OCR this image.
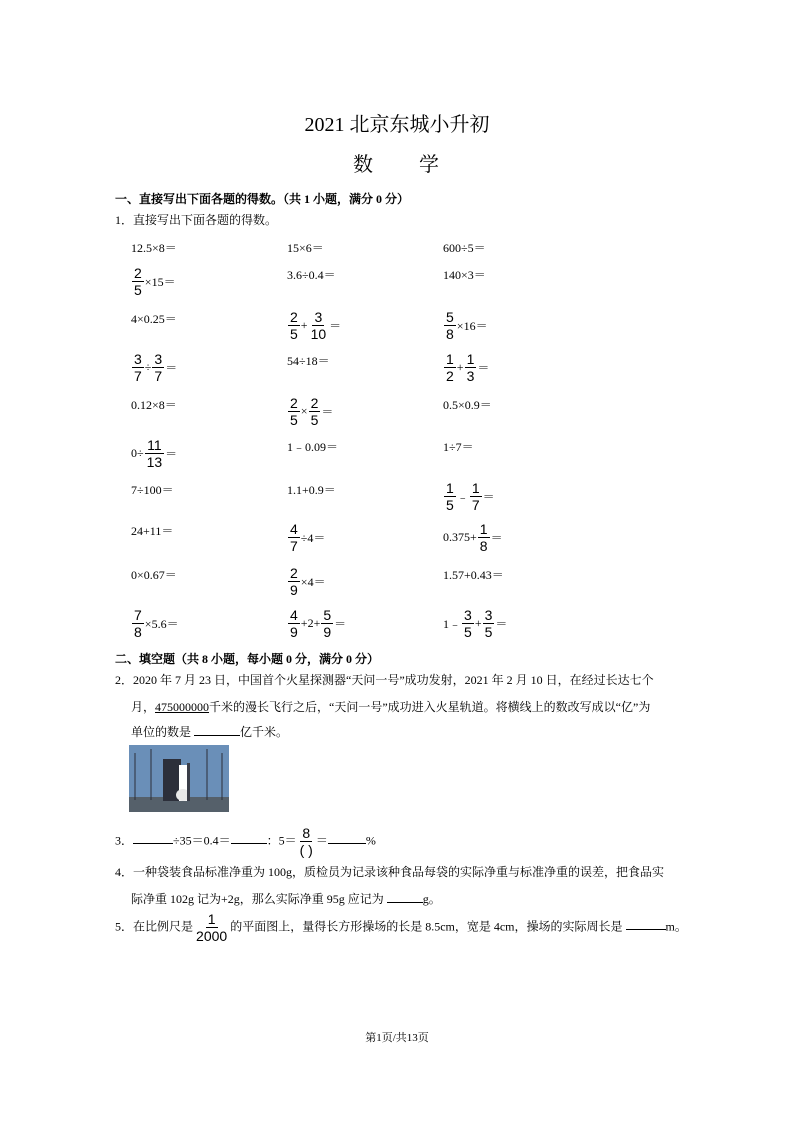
2021 北京东城小升初
数 学
一、直接写出下面各题的得数。（共 1 小题，满分 0 分）
1．直接写出下面各题的得数。
12.5×8＝	15×6＝	600÷5＝
$\frac{2}{5} \times 15=$	3.6÷0.4＝	140×3＝
4×0.25＝	$\frac{2}{5} + \frac{3}{10}$ ＝	$\frac{5}{8} \times 16=$
$\frac{3}{7} \div \frac{3}{7}$ ＝	54÷18＝	$\frac{1}{2} + \frac{1}{3}$ ＝
0.12×8＝	$\frac{2}{5} \times \frac{2}{5}$ ＝	0.5×0.9＝
$0\div \frac{11}{13}$ ＝	1﹣0.09＝	1÷7＝
7÷100＝	1.1+0.9＝	$\frac{1}{5}$ ﹣ $\frac{1}{7}$ ＝
24+11＝	$\frac{4}{7} \div 4=$	$0.375+ \frac{1}{8}$ ＝
0×0.67＝	$\frac{2}{9} \times 4=$	1.57+0.43＝
$\frac{7}{8} \times 5.6=$	$\frac{4}{9} +2+ \frac{5}{9}$ ＝	1﹣ $\frac{3}{5} + \frac{3}{5}$ ＝
二、填空题（共 8 小题，每小题 0 分，满分 0 分）
2．2020 年 7 月 23 日，中国首个火星探测器“天问一号”成功发射，2021 年 2 月 10 日，在经过长达七个
月，475000000千米的漫长飞行之后，“天问一号”成功进入火星轨道。将横线上的数改写成以“亿”为
单位的数是	亿千米。
3．	÷35＝0.4＝	：$5= \frac{8}{( )}$ ＝	%
4．一种袋装食品标准净重为 100g，质检员为记录该种食品每袋的实际净重与标准净重的误差，把食品实
际净重 102g 记为+2g，那么实际净重 95g 应记为	g。
5．在比例尺是 $\frac{1}{2000}$ 的平面图上，量得长方形操场的长是 8.5cm，宽是 4cm，操场的实际周长是	m。
第1页/共13页
